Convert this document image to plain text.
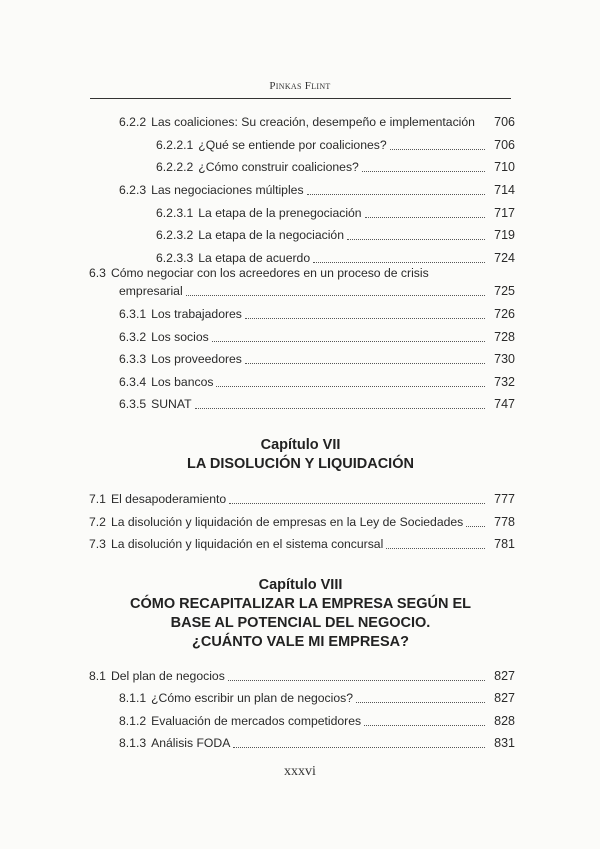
Pinkas Flint
6.2.2 Las coaliciones: Su creación, desempeño e implementación	706
6.2.2.1 ¿Qué se entiende por coaliciones?	706
6.2.2.2 ¿Cómo construir coaliciones?	710
6.2.3 Las negociaciones múltiples	714
6.2.3.1 La etapa de la prenegociación	717
6.2.3.2 La etapa de la negociación	719
6.2.3.3 La etapa de acuerdo	724
6.3 Cómo negociar con los acreedores en un proceso de crisis
empresarial	725
6.3.1 Los trabajadores	726
6.3.2 Los socios	728
6.3.3 Los proveedores	730
6.3.4 Los bancos	732
6.3.5 SUNAT	747
Capítulo VII
LA DISOLUCIÓN Y LIQUIDACIÓN
7.1 El desapoderamiento	777
7.2 La disolución y liquidación de empresas en la Ley de Sociedades	778
7.3 La disolución y liquidación en el sistema concursal	781
Capítulo VIII
CÓMO RECAPITALIZAR LA EMPRESA SEGÚN EL
BASE AL POTENCIAL DEL NEGOCIO.
¿CUÁNTO VALE MI EMPRESA?
8.1 Del plan de negocios	827
8.1.1 ¿Cómo escribir un plan de negocios?	827
8.1.2 Evaluación de mercados competidores	828
8.1.3 Análisis FODA	831
xxxvi
